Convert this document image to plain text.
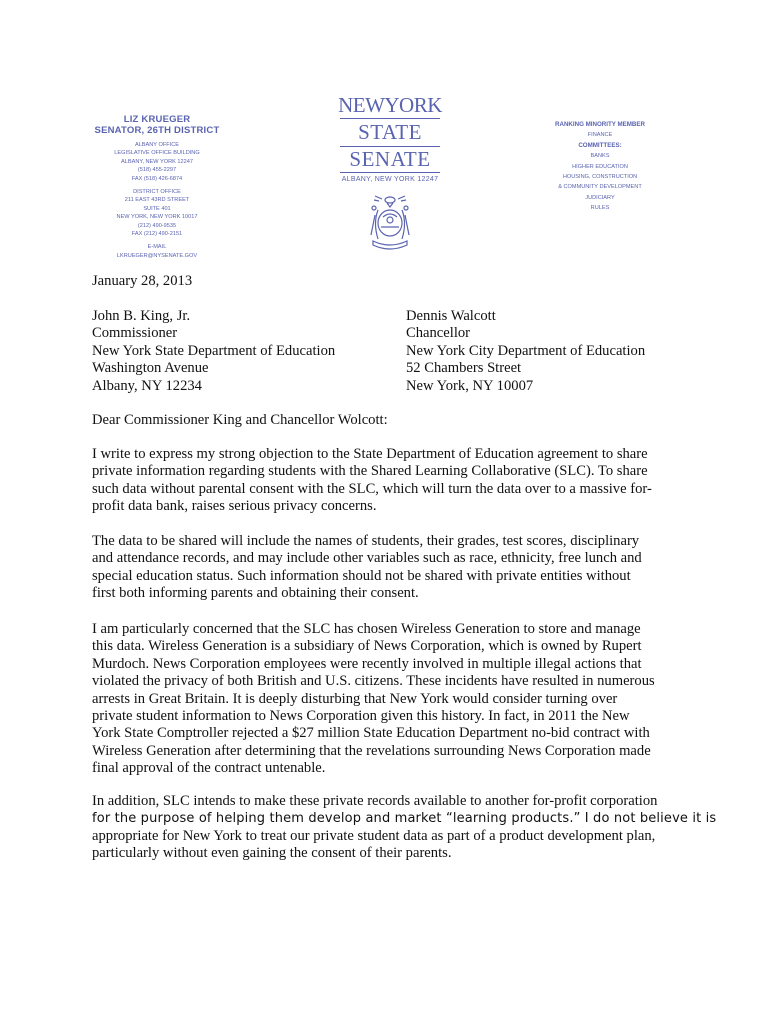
LIZ KRUEGER
SENATOR, 26TH DISTRICT
ALBANY OFFICE
LEGISLATIVE OFFICE BUILDING
ALBANY, NEW YORK 12247
(518) 455-2297
FAX (518) 426-6874
DISTRICT OFFICE
211 EAST 43RD STREET
SUITE 401
NEW YORK, NEW YORK 10017
(212) 490-9535
FAX (212) 490-2151
E-MAIL
LKRUEGER@NYSENATE.GOV
NEWYORK
STATE
SENATE
ALBANY, NEW YORK 12247
RANKING MINORITY MEMBER
FINANCE
COMMITTEES:
BANKS
HIGHER EDUCATION
HOUSING, CONSTRUCTION
& COMMUNITY DEVELOPMENT
JUDICIARY
RULES
January 28, 2013
John B. King, Jr.
Commissioner
New York State Department of Education
Washington Avenue
Albany, NY 12234
Dennis Walcott
Chancellor
New York City Department of Education
52 Chambers Street
New York, NY 10007
Dear Commissioner King and Chancellor Wolcott:
I write to express my strong objection to the State Department of Education agreement to share
private information regarding students with the Shared Learning Collaborative (SLC). To share
such data without parental consent with the SLC, which will turn the data over to a massive for-
profit data bank, raises serious privacy concerns.
The data to be shared will include the names of students, their grades, test scores, disciplinary
and attendance records, and may include other variables such as race, ethnicity, free lunch and
special education status. Such information should not be shared with private entities without
first both informing parents and obtaining their consent.
I am particularly concerned that the SLC has chosen Wireless Generation to store and manage
this data. Wireless Generation is a subsidiary of News Corporation, which is owned by Rupert
Murdoch. News Corporation employees were recently involved in multiple illegal actions that
violated the privacy of both British and U.S. citizens. These incidents have resulted in numerous
arrests in Great Britain. It is deeply disturbing that New York would consider turning over
private student information to News Corporation given this history. In fact, in 2011 the New
York State Comptroller rejected a $27 million State Education Department no-bid contract with
Wireless Generation after determining that the revelations surrounding News Corporation made
final approval of the contract untenable.
In addition, SLC intends to make these private records available to another for-profit corporation
for the purpose of helping them develop and market “learning products.” I do not believe it is
appropriate for New York to treat our private student data as part of a product development plan,
particularly without even gaining the consent of their parents.
